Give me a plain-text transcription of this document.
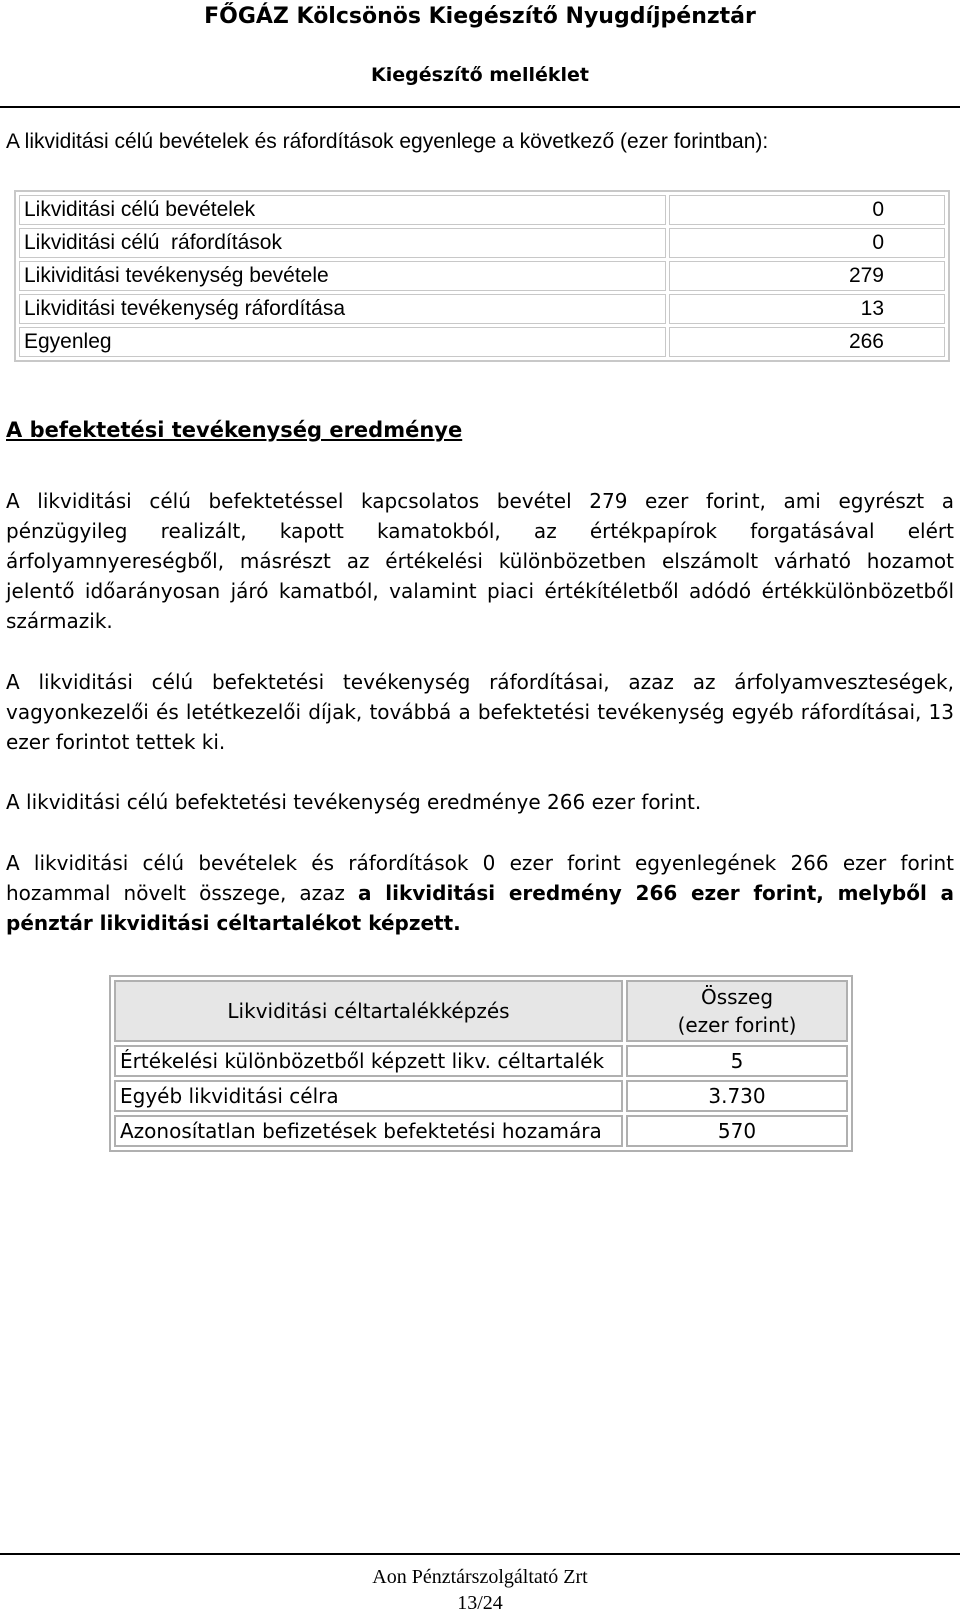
FŐGÁZ Kölcsönös Kiegészítő Nyugdíjpénztár
Kiegészítő melléklet
A likviditási célú bevételek és ráfordítások egyenlege a következő (ezer forintban):
Likviditási célú bevételek	0
Likviditási célú  ráfordítások	0
Likividitási tevékenység bevétele	279
Likviditási tevékenység ráfordítása	13
Egyenleg	266
A befektetési tevékenység eredménye

A likviditási célú befektetéssel kapcsolatos bevétel 279 ezer forint, ami egyrészt a pénzügyileg realizált, kapott kamatokból, az értékpapírok forgatásával elért árfolyamnyereségből, másrészt az értékelési különbözetben elszámolt várható hozamot jelentő időarányosan járó kamatból, valamint piaci értékítéletből adódó értékkülönbözetből származik.

A likviditási célú befektetési tevékenység ráfordításai, azaz az árfolyamveszteségek, vagyonkezelői és letétkezelői díjak, továbbá a befektetési tevékenység egyéb ráfordításai, 13 ezer forintot tettek ki.

A likviditási célú befektetési tevékenység eredménye 266 ezer forint.

A likviditási célú bevételek és ráfordítások 0 ezer forint egyenlegének 266 ezer forint hozammal növelt összege, azaz a likviditási eredmény 266 ezer forint, melyből a pénztár likviditási céltartalékot képzett.

Likviditási céltartalékképzés	Összeg
(ezer forint)
Értékelési különbözetből képzett likv. céltartalék	5
Egyéb likviditási célra	3.730
Azonosítatlan befizetések befektetési hozamára	570
Aon Pénztárszolgáltató Zrt
13/24
